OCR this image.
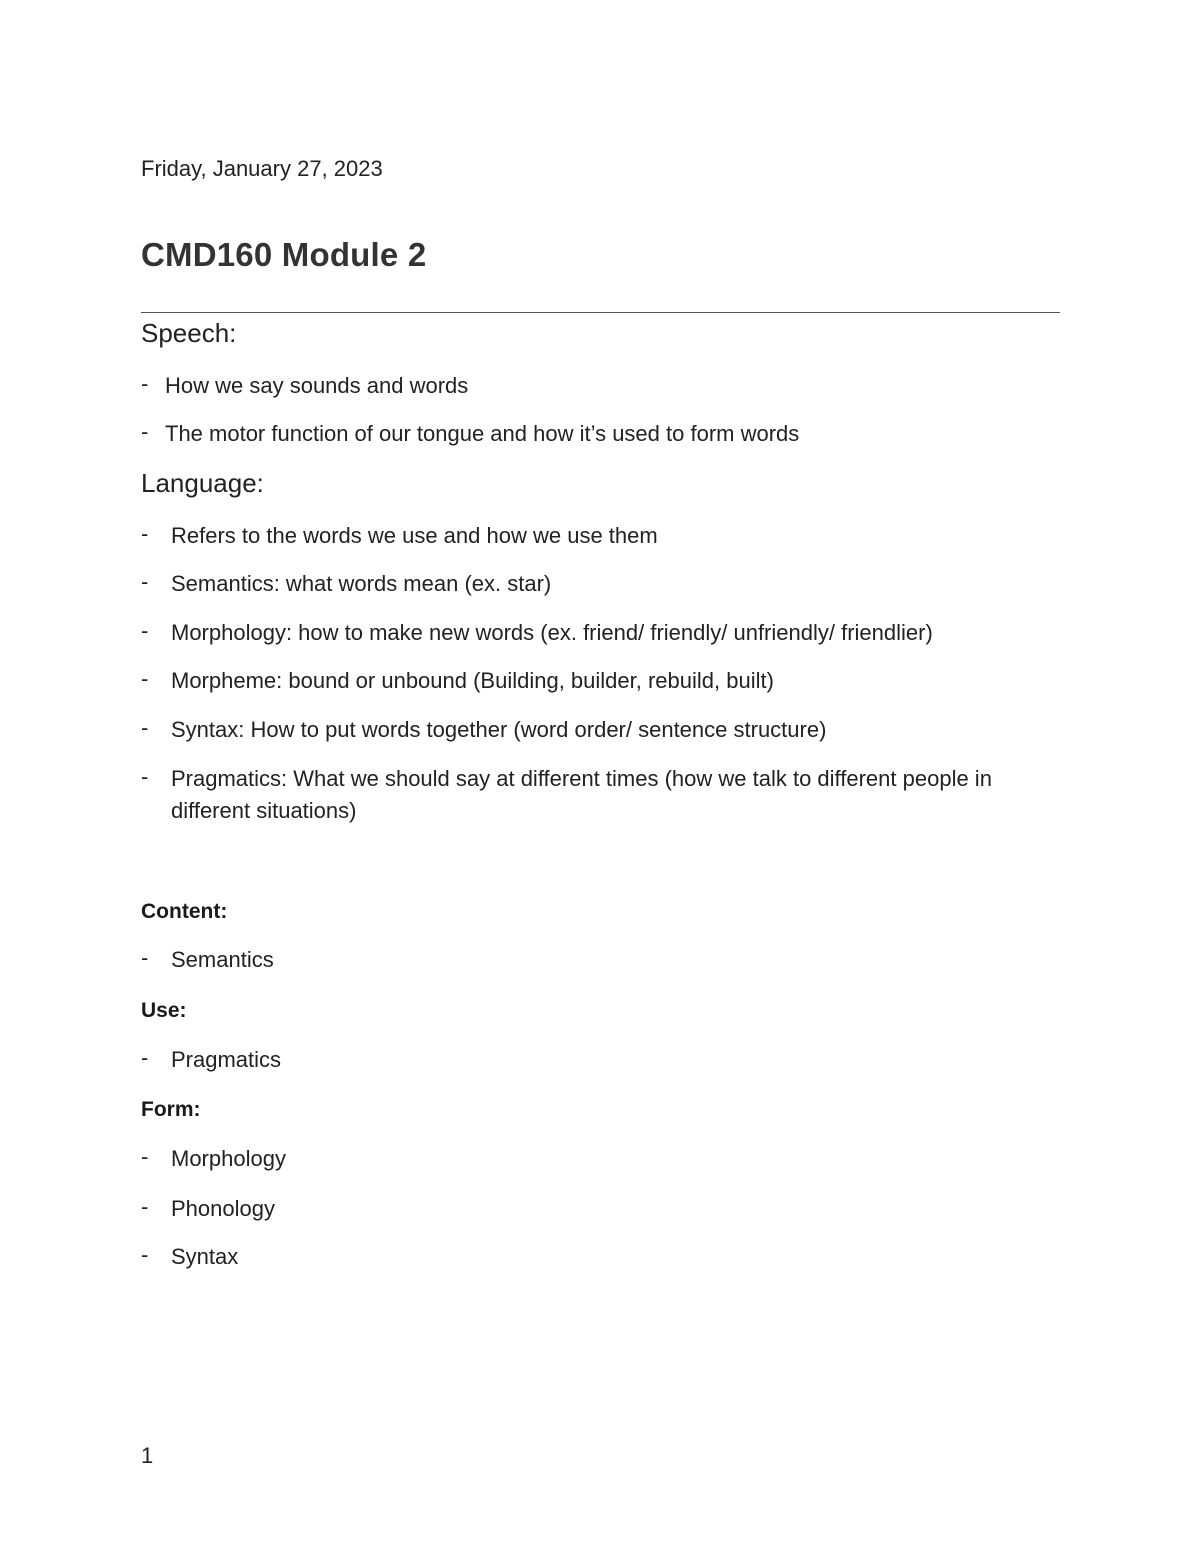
Friday, January 27, 2023
CMD160 Module 2
Speech:
- How we say sounds and words
- The motor function of our tongue and how it’s used to form words
Language:
- Refers to the words we use and how we use them
- Semantics: what words mean (ex. star)
- Morphology: how to make new words (ex. friend/ friendly/ unfriendly/ friendlier)
- Morpheme: bound or unbound (Building, builder, rebuild, built)
- Syntax: How to put words together (word order/ sentence structure)
- Pragmatics: What we should say at different times (how we talk to different people in different situations)
Content:
- Semantics
Use:
- Pragmatics
Form:
- Morphology
- Phonology
- Syntax
1
